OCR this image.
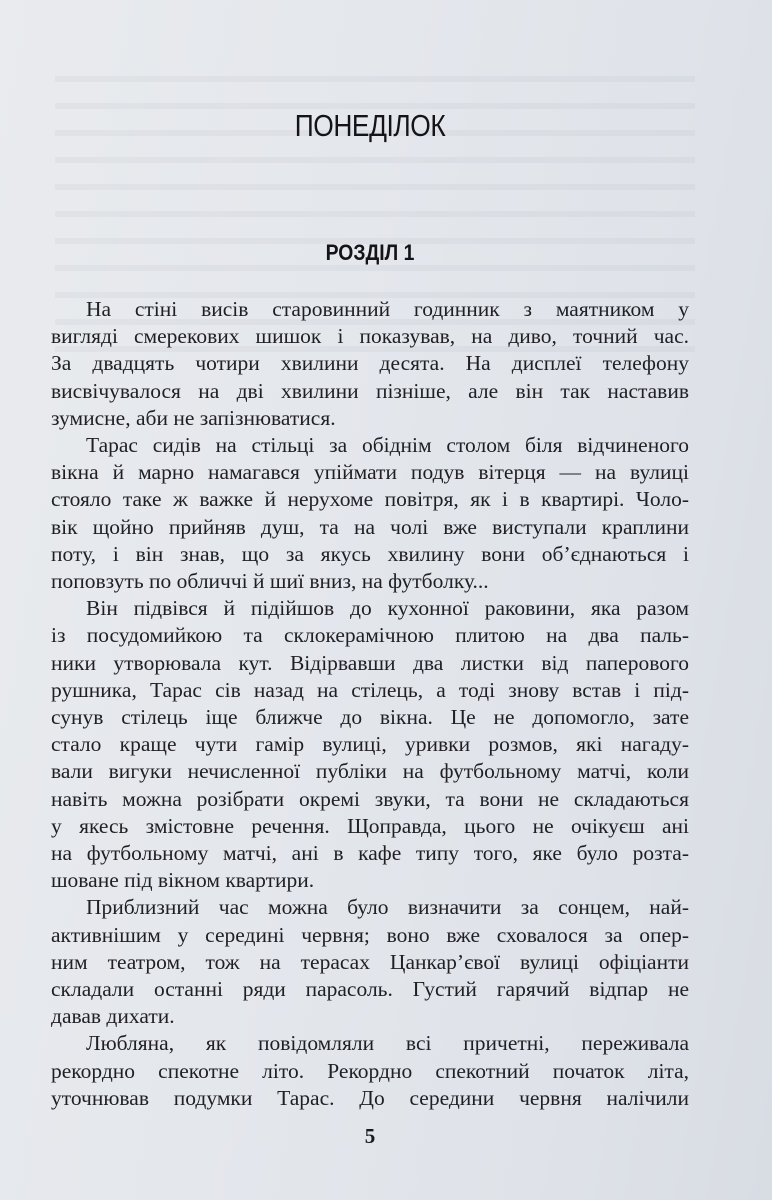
ПОНЕДІЛОК
РОЗДІЛ 1
На стіні висів старовинний годинник з маятником у
вигляді смерекових шишок і показував, на диво, точний час.
За двадцять чотири хвилини десята. На дисплеї телефону
висвічувалося на дві хвилини пізніше, але він так наставив
зумисне, аби не запізнюватися.
Тарас сидів на стільці за обіднім столом біля відчиненого
вікна й марно намагався упіймати подув вітерця — на вулиці
стояло таке ж важке й нерухоме повітря, як і в квартирі. Чоло-
вік щойно прийняв душ, та на чолі вже виступали краплини
поту, і він знав, що за якусь хвилину вони об’єднаються і
поповзуть по обличчі й шиї вниз, на футболку...
Він підвівся й підійшов до кухонної раковини, яка разом
із посудомийкою та склокерамічною плитою на два паль-
ники утворювала кут. Відірвавши два листки від паперового
рушника, Тарас сів назад на стілець, а тоді знову встав і під-
сунув стілець іще ближче до вікна. Це не допомогло, зате
стало краще чути гамір вулиці, уривки розмов, які нагаду-
вали вигуки нечисленної публіки на футбольному матчі, коли
навіть можна розібрати окремі звуки, та вони не складаються
у якесь змістовне речення. Щоправда, цього не очікуєш ані
на футбольному матчі, ані в кафе типу того, яке було розта-
шоване під вікном квартири.
Приблизний час можна було визначити за сонцем, най-
активнішим у середині червня; воно вже сховалося за опер-
ним театром, тож на терасах Цанкар’євої вулиці офіціанти
складали останні ряди парасоль. Густий гарячий відпар не
давав дихати.
Любляна, як повідомляли всі причетні, переживала
рекордно спекотне літо. Рекордно спекотний початок літа,
уточнював подумки Тарас. До середини червня налічили
5
